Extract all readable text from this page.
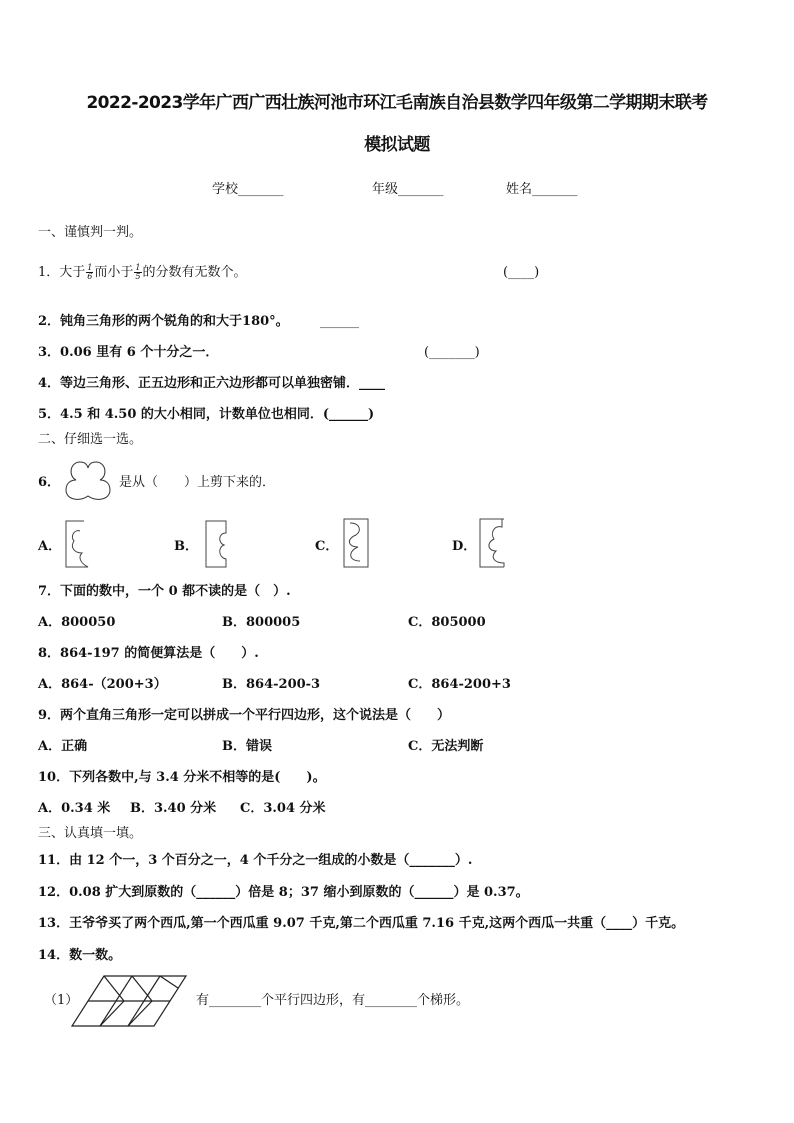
2022-2023学年广西广西壮族河池市环江毛南族自治县数学四年级第二学期期末联考
模拟试题
学校_______	年级_______	姓名_______
一、谨慎判一判。
1．大于 $\frac{1}{6}$ 而小于 $\frac{1}{5}$ 的分数有无数个。	(____)
2．钝角三角形的两个锐角的和大于180°。 ______
3．0.06 里有 6 个十分之一．	(_______)
4．等边三角形、正五边形和正六边形都可以单独密铺．____
5．4.5 和 4.50 的大小相同，计数单位也相同．(______)
二、仔细选一选。
6．	是从（　　）上剪下来的．
A．	B．	C．	D．
7．下面的数中，一个 0 都不读的是（　）.
A．800050	B．800005	C．805000
8．864-197 的简便算法是（　　）.
A．864-（200+3）	B．864-200-3	C．864-200+3
9．两个直角三角形一定可以拼成一个平行四边形，这个说法是（　　）
A．正确	B．错误	C．无法判断
10．下列各数中,与 3.4 分米不相等的是(　　)。
A．0.34 米 B．3.40 分米 C．3.04 分米
三、认真填一填。
11．由 12 个一，3 个百分之一，4 个千分之一组成的小数是（_______）.
12．0.08 扩大到原数的（______）倍是 8；37 缩小到原数的（______）是 0.37。
13．王爷爷买了两个西瓜,第一个西瓜重 9.07 千克,第二个西瓜重 7.16 千克,这两个西瓜一共重（____）千克。
14．数一数。
（1）	有________个平行四边形，有________个梯形。
